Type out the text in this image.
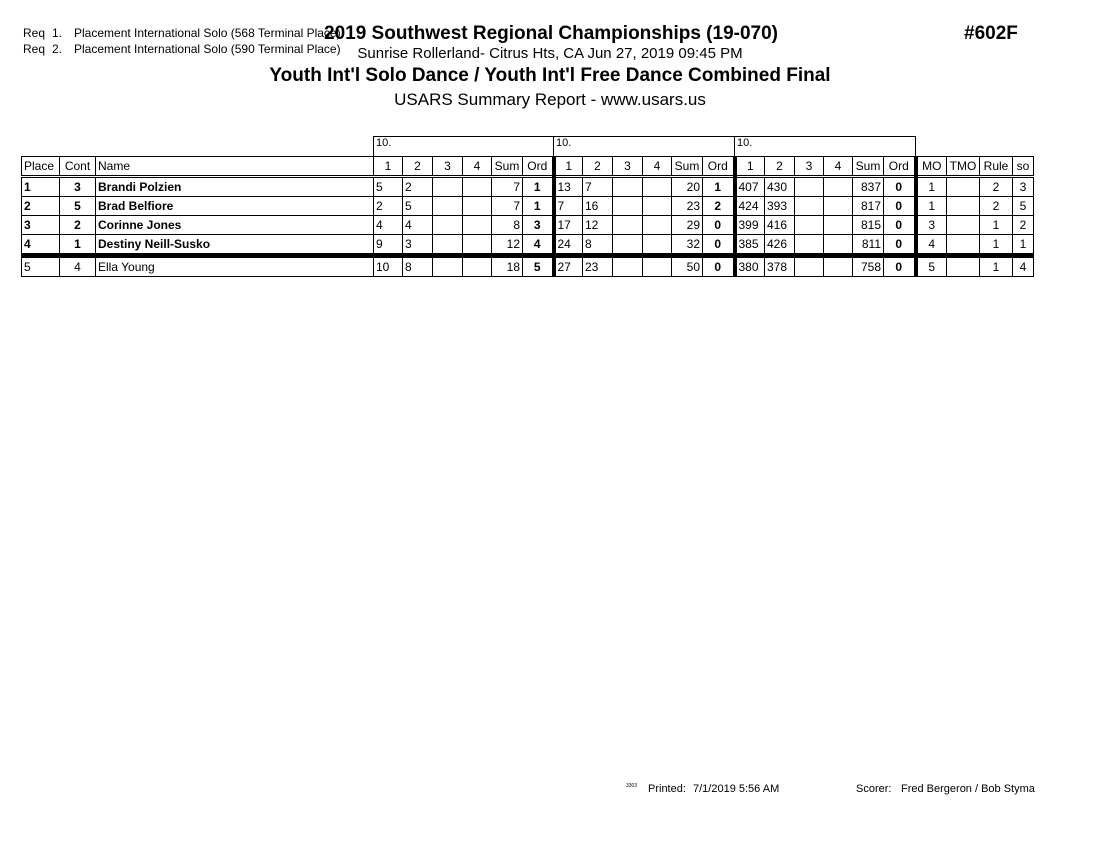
Req 1. Placement International Solo (568 Terminal Place)
Req 2. Placement International Solo (590 Terminal Place)
2019 Southwest Regional Championships (19-070)
Sunrise Rollerland- Citrus Hts, CA Jun 27, 2019 09:45 PM
Youth Int'l Solo Dance / Youth Int'l Free Dance Combined Final
USARS Summary Report - www.usars.us
#602F
			10.						10.						10.									
Place	Cont	Name	1	2	3	4	Sum	Ord	1	2	3	4	Sum	Ord	1	2	3	4	Sum	Ord	MO	TMO	Rule	so
1	3	Brandi Polzien	5	2			7	1	13	7			20	1	407	430			837	0	1		2	3
2	5	Brad Belfiore	2	5			7	1	7	16			23	2	424	393			817	0	1		2	5
3	2	Corinne Jones	4	4			8	3	17	12			29	0	399	416			815	0	3		1	2
4	1	Destiny Neill-Susko	9	3			12	4	24	8			32	0	385	426			811	0	4		1	1
5	4	Ella Young	10	8			18	5	27	23			50	0	380	378			758	0	5		1	4
3303 Printed: 7/1/2019 5:56 AM	Scorer: Fred Bergeron / Bob Styma
